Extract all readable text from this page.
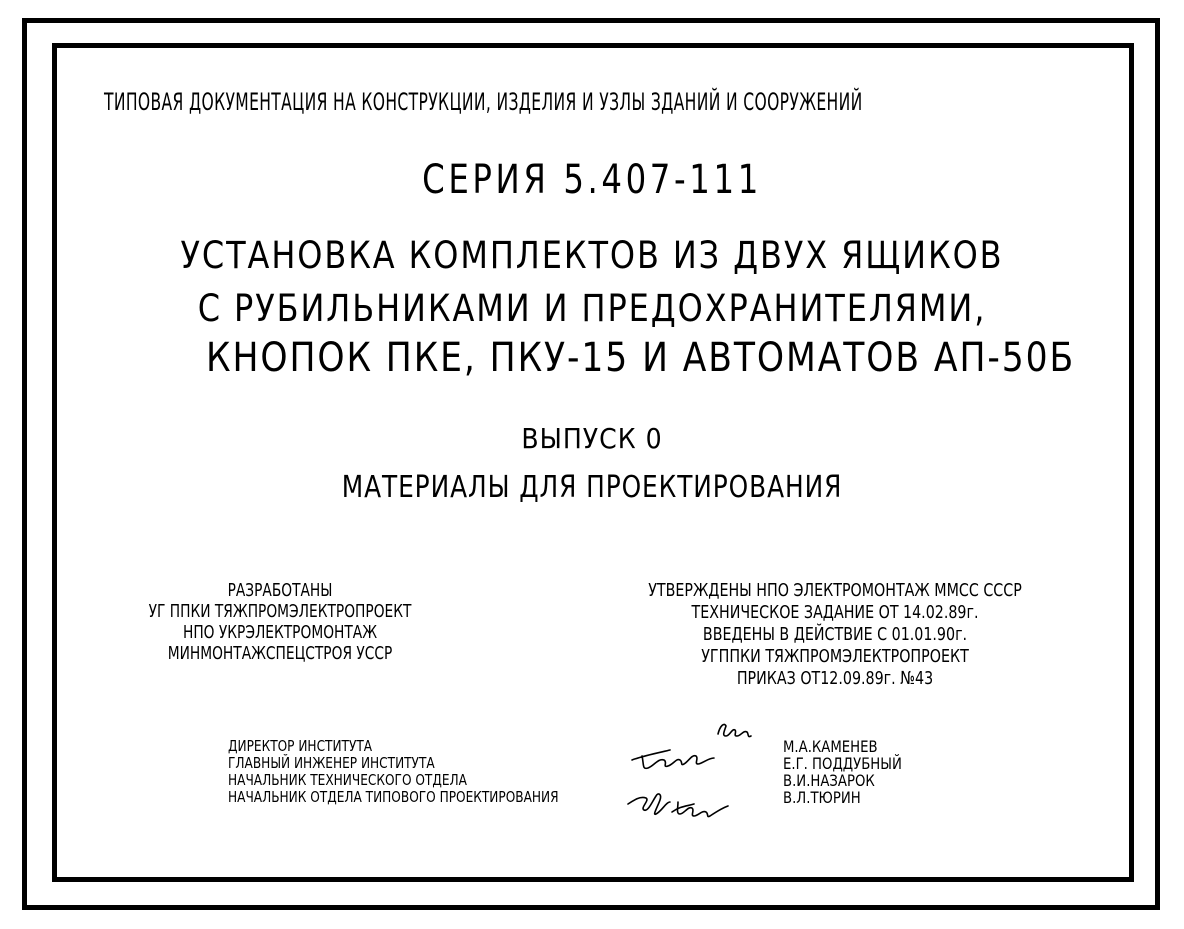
ТИПОВАЯ ДОКУМЕНТАЦИЯ НА КОНСТРУКЦИИ, ИЗДЕЛИЯ И УЗЛЫ ЗДАНИЙ И СООРУЖЕНИЙ
СЕРИЯ 5.407-111
УСТАНОВКА КОМПЛЕКТОВ ИЗ ДВУХ ЯЩИКОВ
С РУБИЛЬНИКАМИ И ПРЕДОХРАНИТЕЛЯМИ,
КНОПОК ПКЕ, ПКУ-15 И АВТОМАТОВ АП-50Б
ВЫПУСК 0
МАТЕРИАЛЫ ДЛЯ ПРОЕКТИРОВАНИЯ
РАЗРАБОТАНЫ
УГ ППКИ ТЯЖПРОМЭЛЕКТРОПРОЕКТ
НПО УКРЭЛЕКТРОМОНТАЖ
МИНМОНТАЖСПЕЦСТРОЯ УССР
УТВЕРЖДЕНЫ НПО ЭЛЕКТРОМОНТАЖ ММСС СССР
ТЕХНИЧЕСКОЕ ЗАДАНИЕ ОТ 14.02.89г.
ВВЕДЕНЫ В ДЕЙСТВИЕ С 01.01.90г.
УГППКИ ТЯЖПРОМЭЛЕКТРОПРОЕКТ
ПРИКАЗ ОТ12.09.89г. №43
ДИРЕКТОР ИНСТИТУТА
ГЛАВНЫЙ ИНЖЕНЕР ИНСТИТУТА
НАЧАЛЬНИК ТЕХНИЧЕСКОГО ОТДЕЛА
НАЧАЛЬНИК ОТДЕЛА ТИПОВОГО ПРОЕКТИРОВАНИЯ
М.А.КАМЕНЕВ
Е.Г. ПОДДУБНЫЙ
В.И.НАЗАРОК
В.Л.ТЮРИН
